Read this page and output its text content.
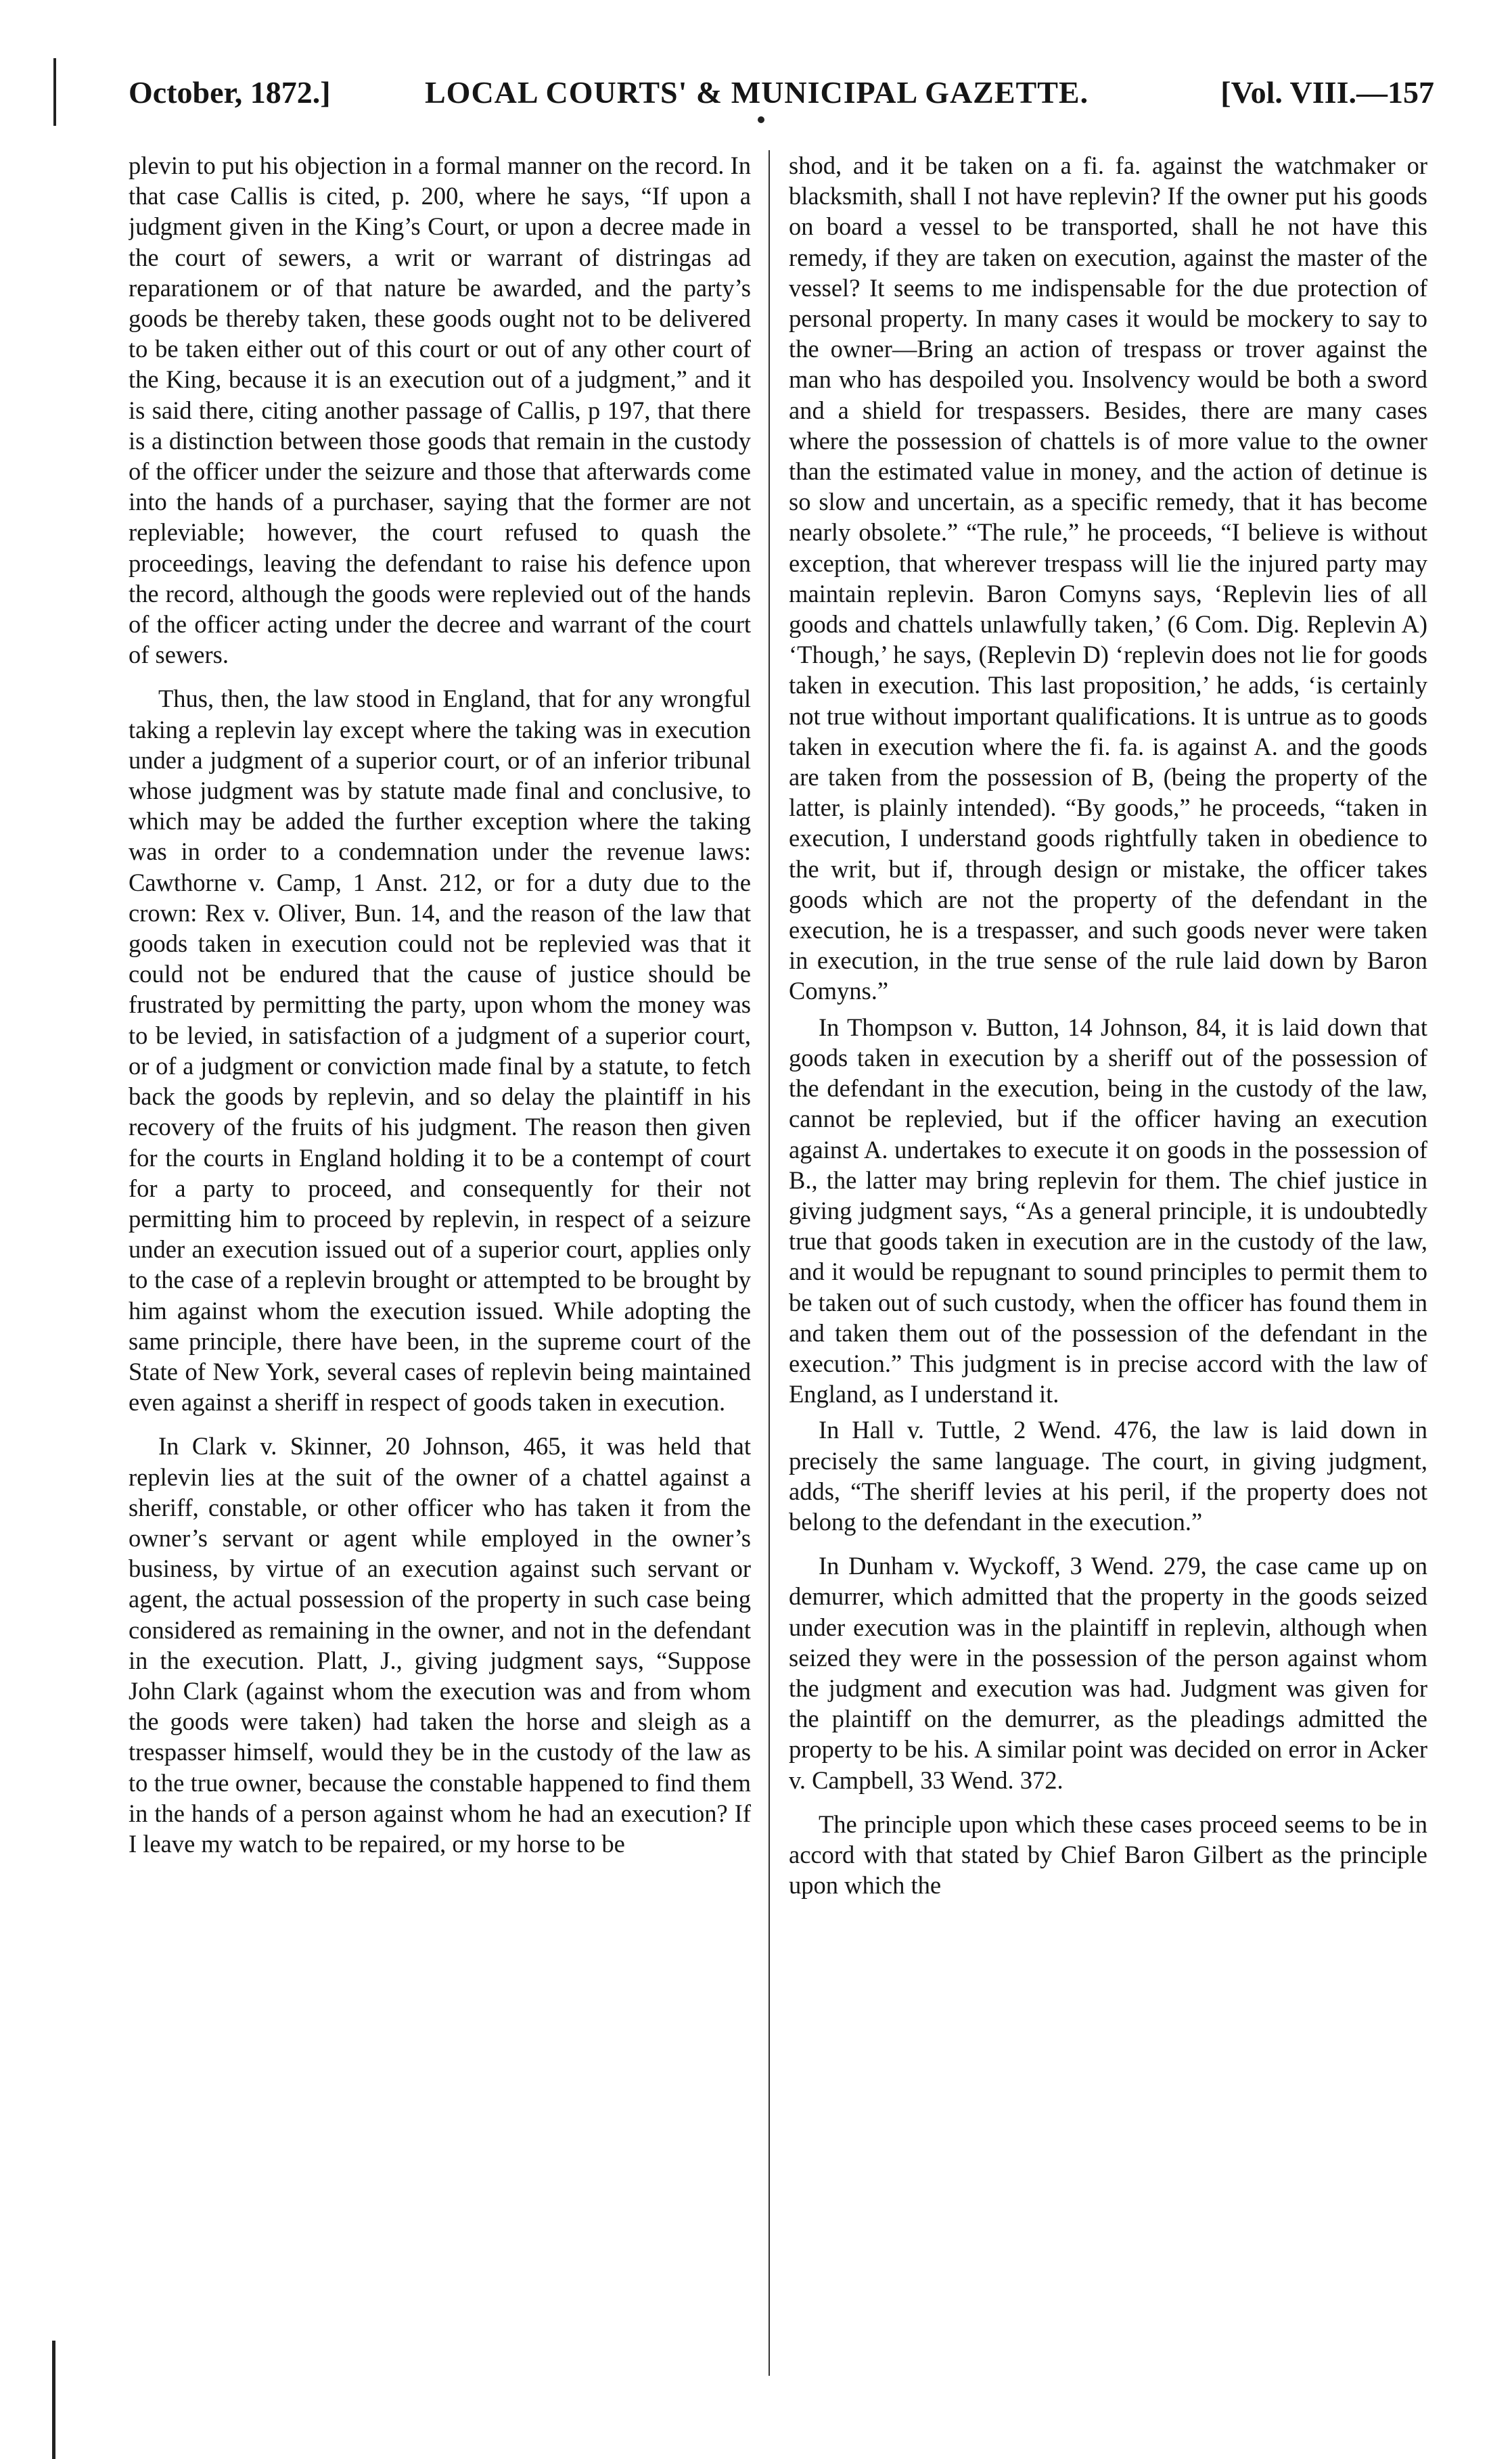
October, 1872.]	LOCAL COURTS' & MUNICIPAL GAZETTE.	[Vol. VIII.—157

plevin to put his objection in a formal manner on the record. In that case Callis is cited, p. 200, where he says, “If upon a judgment given in the King’s Court, or upon a decree made in the court of sewers, a writ or warrant of distringas ad reparationem or of that nature be awarded, and the party’s goods be thereby taken, these goods ought not to be delivered to be taken either out of this court or out of any other court of the King, because it is an execution out of a judgment,” and it is said there, citing another passage of Callis, p 197, that there is a distinction between those goods that remain in the custody of the officer under the seizure and those that afterwards come into the hands of a purchaser, saying that the former are not repleviable; however, the court refused to quash the proceedings, leaving the defendant to raise his defence upon the record, although the goods were replevied out of the hands of the officer acting under the decree and warrant of the court of sewers.

Thus, then, the law stood in England, that for any wrongful taking a replevin lay except where the taking was in execution under a judgment of a superior court, or of an inferior tribunal whose judgment was by statute made final and conclusive, to which may be added the further exception where the taking was in order to a condemnation under the revenue laws: Cawthorne v. Camp, 1 Anst. 212, or for a duty due to the crown: Rex v. Oliver, Bun. 14, and the reason of the law that goods taken in execution could not be replevied was that it could not be endured that the cause of justice should be frustrated by permitting the party, upon whom the money was to be levied, in satisfaction of a judgment of a superior court, or of a judgment or conviction made final by a statute, to fetch back the goods by replevin, and so delay the plaintiff in his recovery of the fruits of his judgment. The reason then given for the courts in England holding it to be a contempt of court for a party to proceed, and consequently for their not permitting him to proceed by replevin, in respect of a seizure under an execution issued out of a superior court, applies only to the case of a replevin brought or attempted to be brought by him against whom the execution issued. While adopting the same principle, there have been, in the supreme court of the State of New York, several cases of replevin being maintained even against a sheriff in respect of goods taken in execution.

In Clark v. Skinner, 20 Johnson, 465, it was held that replevin lies at the suit of the owner of a chattel against a sheriff, constable, or other officer who has taken it from the owner’s servant or agent while employed in the owner’s business, by virtue of an execution against such servant or agent, the actual possession of the property in such case being considered as remaining in the owner, and not in the defendant in the execution. Platt, J., giving judgment says, “Suppose John Clark (against whom the execution was and from whom the goods were taken) had taken the horse and sleigh as a trespasser himself, would they be in the custody of the law as to the true owner, because the constable happened to find them in the hands of a person against whom he had an execution? If I leave my watch to be repaired, or my horse to be

shod, and it be taken on a fi. fa. against the watchmaker or blacksmith, shall I not have replevin? If the owner put his goods on board a vessel to be transported, shall he not have this remedy, if they are taken on execution, against the master of the vessel? It seems to me indispensable for the due protection of personal property. In many cases it would be mockery to say to the owner—Bring an action of trespass or trover against the man who has despoiled you. Insolvency would be both a sword and a shield for trespassers. Besides, there are many cases where the possession of chattels is of more value to the owner than the estimated value in money, and the action of detinue is so slow and uncertain, as a specific remedy, that it has become nearly obsolete.” “The rule,” he proceeds, “I believe is without exception, that wherever trespass will lie the injured party may maintain replevin. Baron Comyns says, ‘Replevin lies of all goods and chattels unlawfully taken,’ (6 Com. Dig. Replevin A) ‘Though,’ he says, (Replevin D) ‘replevin does not lie for goods taken in execution. This last proposition,’ he adds, ‘is certainly not true without important qualifications. It is untrue as to goods taken in execution where the fi. fa. is against A. and the goods are taken from the possession of B, (being the property of the latter, is plainly intended). “By goods,” he proceeds, “taken in execution, I understand goods rightfully taken in obedience to the writ, but if, through design or mistake, the officer takes goods which are not the property of the defendant in the execution, he is a trespasser, and such goods never were taken in execution, in the true sense of the rule laid down by Baron Comyns.”

In Thompson v. Button, 14 Johnson, 84, it is laid down that goods taken in execution by a sheriff out of the possession of the defendant in the execution, being in the custody of the law, cannot be replevied, but if the officer having an execution against A. undertakes to execute it on goods in the possession of B., the latter may bring replevin for them. The chief justice in giving judgment says, “As a general principle, it is undoubtedly true that goods taken in execution are in the custody of the law, and it would be repugnant to sound principles to permit them to be taken out of such custody, when the officer has found them in and taken them out of the possession of the defendant in the execution.” This judgment is in precise accord with the law of England, as I understand it.

In Hall v. Tuttle, 2 Wend. 476, the law is laid down in precisely the same language. The court, in giving judgment, adds, “The sheriff levies at his peril, if the property does not belong to the defendant in the execution.”

In Dunham v. Wyckoff, 3 Wend. 279, the case came up on demurrer, which admitted that the property in the goods seized under execution was in the plaintiff in replevin, although when seized they were in the possession of the person against whom the judgment and execution was had. Judgment was given for the plaintiff on the demurrer, as the pleadings admitted the property to be his. A similar point was decided on error in Acker v. Campbell, 33 Wend. 372.

The principle upon which these cases proceed seems to be in accord with that stated by Chief Baron Gilbert as the principle upon which the
